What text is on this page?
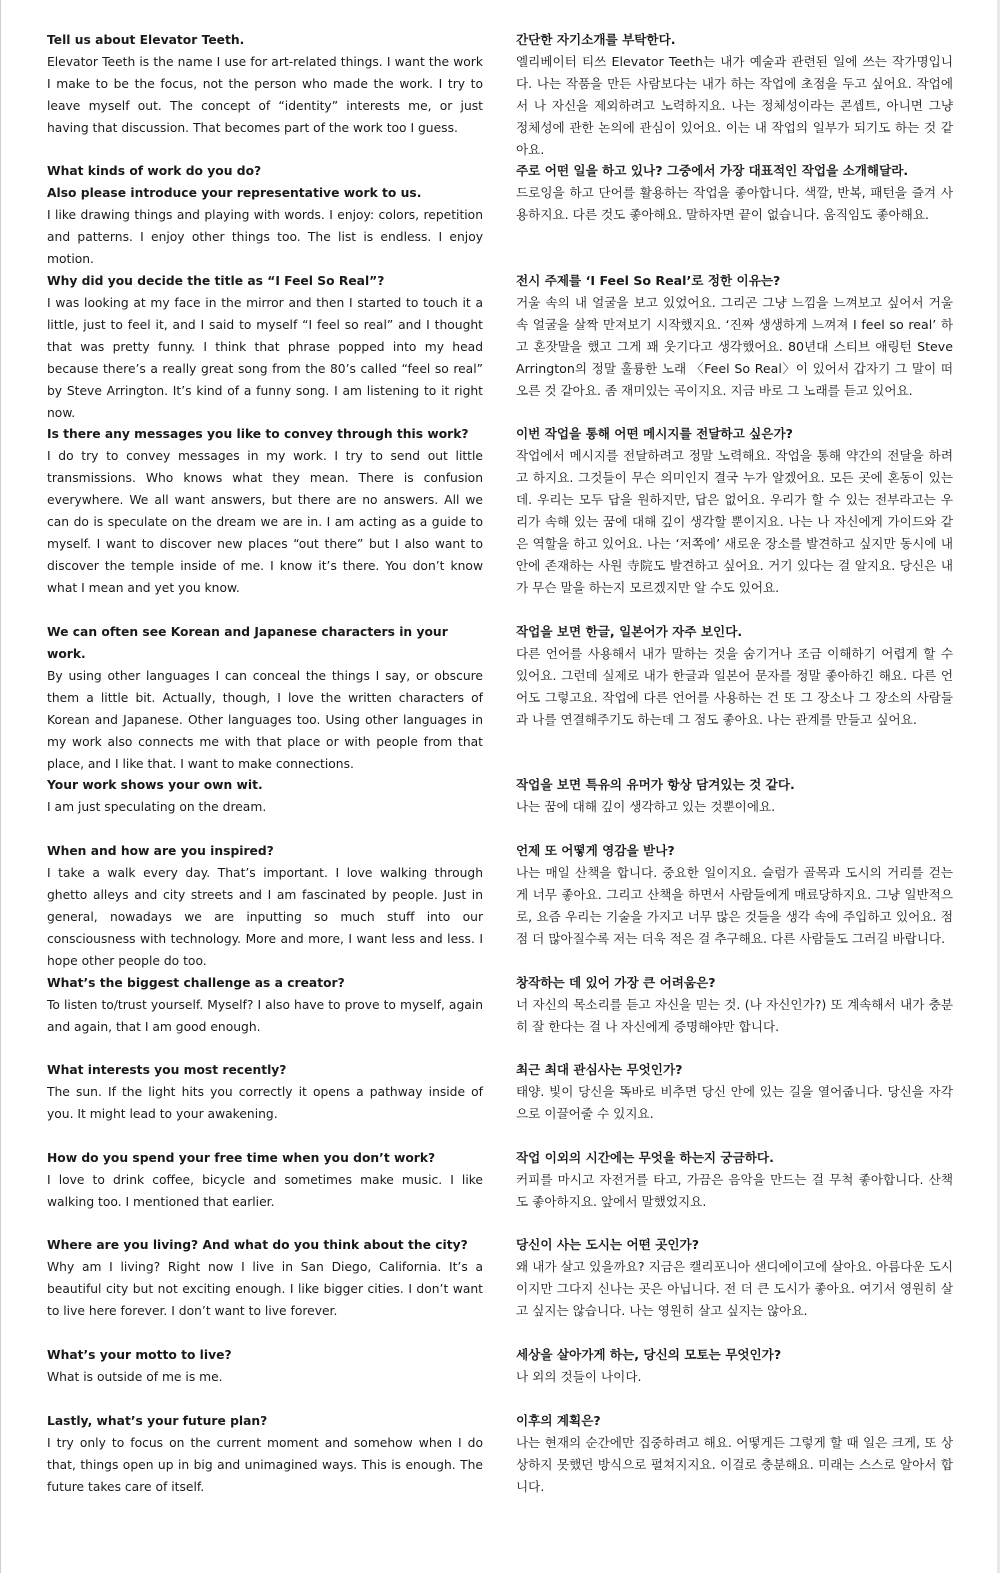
Tell us about Elevator Teeth.

Elevator Teeth is the name I use for art-related things. I want the work I make to be the focus, not the person who made the work. I try to leave myself out. The concept of “identity” interests me, or just having that discussion. That becomes part of the work too I guess.

What kinds of work do you do?
Also please introduce your representative work to us.

I like drawing things and playing with words. I enjoy: colors, repetition and patterns. I enjoy other things too. The list is endless. I enjoy motion.

Why did you decide the title as “I Feel So Real”?

I was looking at my face in the mirror and then I started to touch it a little, just to feel it, and I said to myself “I feel so real” and I thought that was pretty funny. I think that phrase popped into my head because there’s a really great song from the 80’s called “feel so real” by Steve Arrington. It’s kind of a funny song. I am listening to it right now.

Is there any messages you like to convey through this work?

I do try to convey messages in my work. I try to send out little transmissions. Who knows what they mean. There is confusion everywhere. We all want answers, but there are no answers. All we can do is speculate on the dream we are in. I am acting as a guide to myself. I want to discover new places “out there” but I also want to discover the temple inside of me. I know it’s there. You don’t know what I mean and yet you know.

We can often see Korean and Japanese characters in your work.

By using other languages I can conceal the things I say, or obscure them a little bit. Actually, though, I love the written characters of Korean and Japanese. Other languages too. Using other languages in my work also connects me with that place or with people from that place, and I like that. I want to make connections.

Your work shows your own wit.

I am just speculating on the dream.

When and how are you inspired?

I take a walk every day. That’s important. I love walking through ghetto alleys and city streets and I am fascinated by people. Just in general, nowadays we are inputting so much stuff into our consciousness with technology. More and more, I want less and less. I hope other people do too.

What’s the biggest challenge as a creator?

To listen to/trust yourself. Myself? I also have to prove to myself, again and again, that I am good enough.

What interests you most recently?

The sun. If the light hits you correctly it opens a pathway inside of you. It might lead to your awakening.

How do you spend your free time when you don’t work?

I love to drink coffee, bicycle and sometimes make music. I like walking too. I mentioned that earlier.

Where are you living? And what do you think about the city?

Why am I living? Right now I live in San Diego, California. It’s a beautiful city but not exciting enough. I like bigger cities. I don’t want to live here forever. I don’t want to live forever.

What’s your motto to live?

What is outside of me is me.

Lastly, what’s your future plan?

I try only to focus on the current moment and somehow when I do that, things open up in big and unimagined ways. This is enough. The future takes care of itself.

간단한 자기소개를 부탁한다.

엘리베이터 티쓰 Elevator Teeth는 내가 예술과 관련된 일에 쓰는 작가명입니다. 나는 작품을 만든 사람보다는 내가 하는 작업에 초점을 두고 싶어요. 작업에서 나 자신을 제외하려고 노력하지요. 나는 정체성이라는 콘셉트, 아니면 그냥 정체성에 관한 논의에 관심이 있어요. 이는 내 작업의 일부가 되기도 하는 것 같아요.

주로 어떤 일을 하고 있나? 그중에서 가장 대표적인 작업을 소개해달라.

드로잉을 하고 단어를 활용하는 작업을 좋아합니다. 색깔, 반복, 패턴을 즐겨 사용하지요. 다른 것도 좋아해요. 말하자면 끝이 없습니다. 움직임도 좋아해요.

전시 주제를 ‘I Feel So Real’로 정한 이유는?

거울 속의 내 얼굴을 보고 있었어요. 그리곤 그냥 느낌을 느껴보고 싶어서 거울 속 얼굴을 살짝 만져보기 시작했지요. ‘진짜 생생하게 느껴져 I feel so real’ 하고 혼잣말을 했고 그게 꽤 웃기다고 생각했어요. 80년대 스티브 애링턴 Steve Arrington의 정말 훌륭한 노래 〈Feel So Real〉이 있어서 갑자기 그 말이 떠오른 것 같아요. 좀 재미있는 곡이지요. 지금 바로 그 노래를 듣고 있어요.

이번 작업을 통해 어떤 메시지를 전달하고 싶은가?

작업에서 메시지를 전달하려고 정말 노력해요. 작업을 통해 약간의 전달을 하려고 하지요. 그것들이 무슨 의미인지 결국 누가 알겠어요. 모든 곳에 혼동이 있는데. 우리는 모두 답을 원하지만, 답은 없어요. 우리가 할 수 있는 전부라고는 우리가 속해 있는 꿈에 대해 깊이 생각할 뿐이지요. 나는 나 자신에게 가이드와 같은 역할을 하고 있어요. 나는 ‘저쪽에’ 새로운 장소를 발견하고 싶지만 동시에 내 안에 존재하는 사원 寺院도 발견하고 싶어요. 거기 있다는 걸 알지요. 당신은 내가 무슨 말을 하는지 모르겠지만 알 수도 있어요.

작업을 보면 한글, 일본어가 자주 보인다.

다른 언어를 사용해서 내가 말하는 것을 숨기거나 조금 이해하기 어렵게 할 수 있어요. 그런데 실제로 내가 한글과 일본어 문자를 정말 좋아하긴 해요. 다른 언어도 그렇고요. 작업에 다른 언어를 사용하는 건 또 그 장소나 그 장소의 사람들과 나를 연결해주기도 하는데 그 점도 좋아요. 나는 관계를 만들고 싶어요.

작업을 보면 특유의 유머가 항상 담겨있는 것 같다.

나는 꿈에 대해 깊이 생각하고 있는 것뿐이에요.

언제 또 어떻게 영감을 받나?

나는 매일 산책을 합니다. 중요한 일이지요. 슬럼가 골목과 도시의 거리를 걷는 게 너무 좋아요. 그리고 산책을 하면서 사람들에게 매료당하지요. 그냥 일반적으로, 요즘 우리는 기술을 가지고 너무 많은 것들을 생각 속에 주입하고 있어요. 점점 더 많아질수록 저는 더욱 적은 걸 추구해요. 다른 사람들도 그러길 바랍니다.

창작하는 데 있어 가장 큰 어려움은?

너 자신의 목소리를 듣고 자신을 믿는 것. (나 자신인가?) 또 계속해서 내가 충분히 잘 한다는 걸 나 자신에게 증명해야만 합니다.

최근 최대 관심사는 무엇인가?

태양. 빛이 당신을 똑바로 비추면 당신 안에 있는 길을 열어줍니다. 당신을 자각으로 이끌어줄 수 있지요.

작업 이외의 시간에는 무엇을 하는지 궁금하다.

커피를 마시고 자전거를 타고, 가끔은 음악을 만드는 걸 무척 좋아합니다. 산책도 좋아하지요. 앞에서 말했었지요.

당신이 사는 도시는 어떤 곳인가?

왜 내가 살고 있을까요? 지금은 캘리포니아 샌디에이고에 살아요. 아름다운 도시이지만 그다지 신나는 곳은 아닙니다. 전 더 큰 도시가 좋아요. 여기서 영원히 살고 싶지는 않습니다. 나는 영원히 살고 싶지는 않아요.

세상을 살아가게 하는, 당신의 모토는 무엇인가?

나 외의 것들이 나이다.

이후의 계획은?

나는 현재의 순간에만 집중하려고 해요. 어떻게든 그렇게 할 때 일은 크게, 또 상상하지 못했던 방식으로 펼쳐지지요. 이걸로 충분해요. 미래는 스스로 알아서 합니다.
